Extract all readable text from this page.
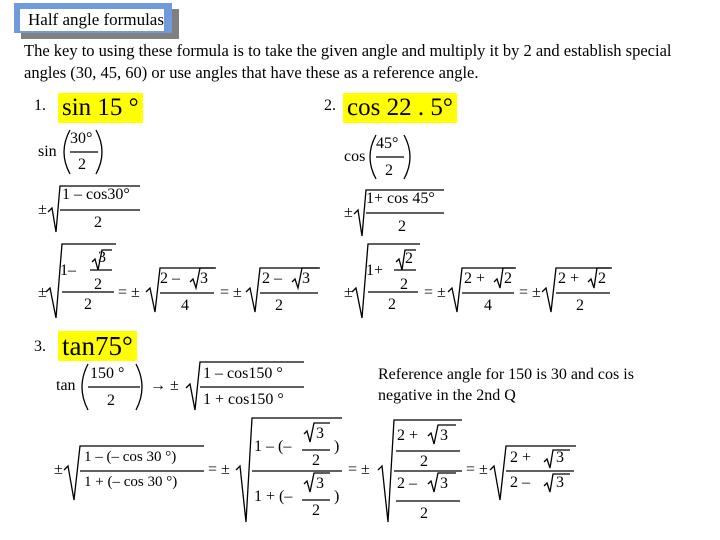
Half angle formulas
The key to using these formula is to take the given angle and multiply it by 2 and establish special angles (30, 45, 60) or use angles that have these as a reference angle.
1. sin 15 °	2. cos 22 . 5°
3. tan75°
sin
30°
2
±
1 – cos30°
2
±
1–
3
2
2
= ±
2 – 3
4
= ±
2 – 3
2
cos
45°
2
±
1+ cos 45°
2
±
1+
2
2
2
= ±
2 + 2
4
= ±
2 + 2
2
tan
150 °
2
→ ±
1 – cos150 °
1 + cos150 °
Reference angle for 150 is 30 and cos is negative in the 2nd Q
±
1 – (– cos 30 °)
1 + (– cos 30 °)
= ±
1 – (–
3
2
)
1 + (–
3
2
)
= ±
2 + 3
2
2 – 3
2
= ±
2 + 3
2 – 3
